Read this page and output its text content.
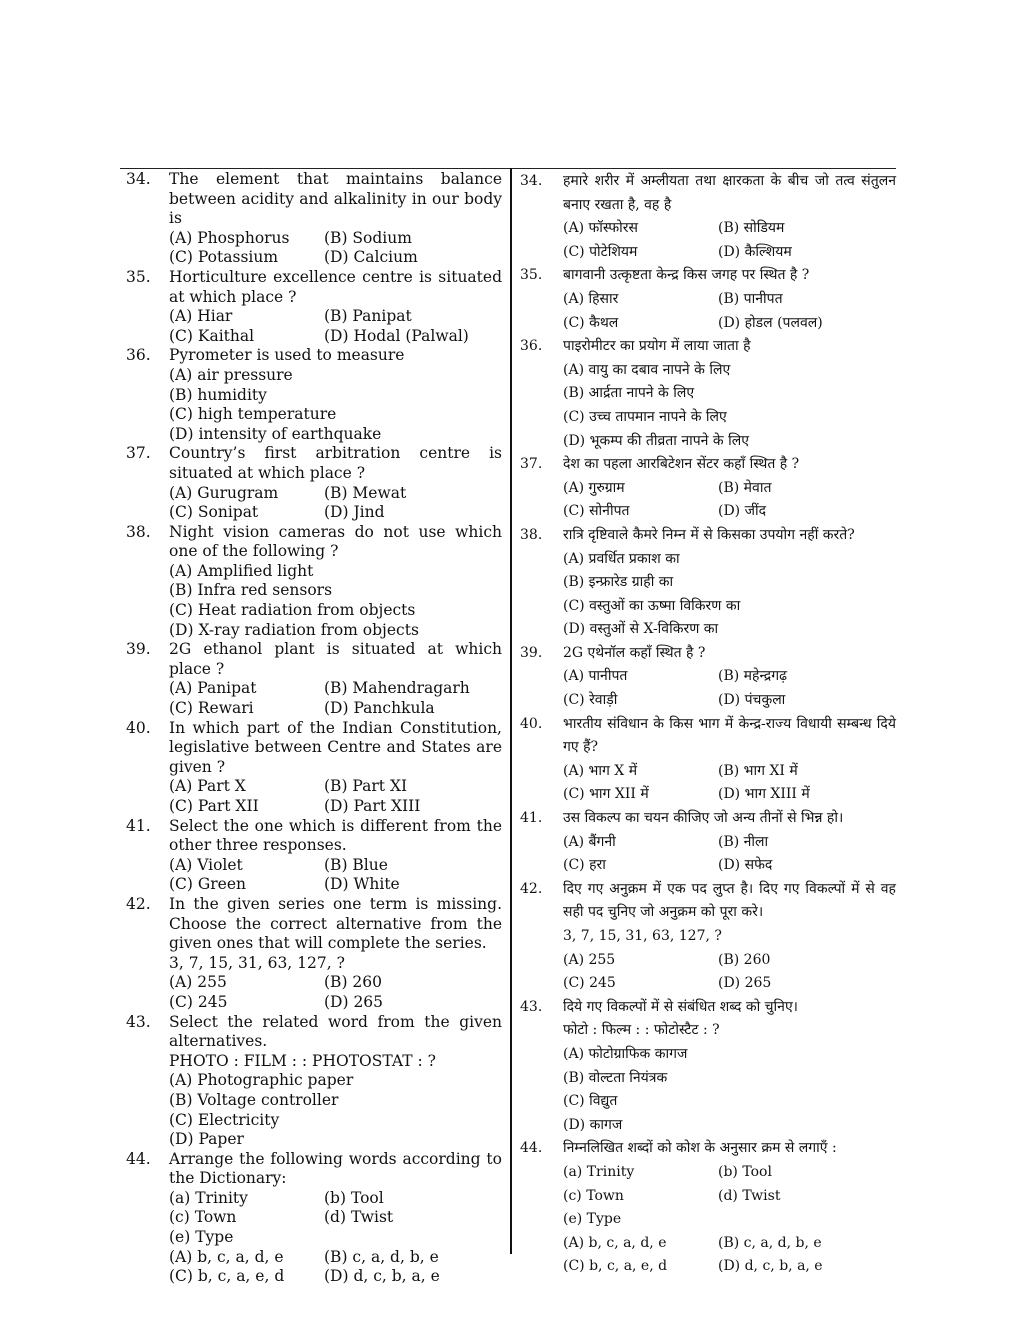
34.	The element that maintains balance between acidity and alkalinity in our body is
(A) Phosphorus	(B) Sodium
(C) Potassium	(D) Calcium
35.	Horticulture excellence centre is situated at which place ?
(A) Hiar	(B) Panipat
(C) Kaithal	(D) Hodal (Palwal)
36.	Pyrometer is used to measure
(A) air pressure
(B) humidity
(C) high temperature
(D) intensity of earthquake
37.	Country’s first arbitration centre is situated at which place ?
(A) Gurugram	(B) Mewat
(C) Sonipat	(D) Jind
38.	Night vision cameras do not use which one of the following ?
(A) Amplified light
(B) Infra red sensors
(C) Heat radiation from objects
(D) X-ray radiation from objects
39.	2G ethanol plant is situated at which place ?
(A) Panipat	(B) Mahendragarh
(C) Rewari	(D) Panchkula
40.	In which part of the Indian Constitution, legislative between Centre and States are given ?
(A) Part X	(B) Part XI
(C) Part XII	(D) Part XIII
41.	Select the one which is different from the other three responses.
(A) Violet	(B) Blue
(C) Green	(D) White
42.	In the given series one term is missing. Choose the correct alternative from the given ones that will complete the series.
3, 7, 15, 31, 63, 127, ?
(A) 255	(B) 260
(C) 245	(D) 265
43.	Select the related word from the given alternatives.
PHOTO : FILM : : PHOTOSTAT : ?
(A) Photographic paper
(B) Voltage controller
(C) Electricity
(D) Paper
44.	Arrange the following words according to the Dictionary:
(a) Trinity	(b) Tool
(c) Town	(d) Twist
(e) Type
(A) b, c, a, d, e	(B) c, a, d, b, e
(C) b, c, a, e, d	(D) d, c, b, a, e
34.	हमारे शरीर में अम्लीयता तथा क्षारकता के बीच जो तत्व संतुलन बनाए रखता है, वह है
(A) फॉस्फोरस	(B) सोडियम
(C) पोटेशियम	(D) कैल्शियम
35.	बागवानी उत्कृष्टता केन्द्र किस जगह पर स्थित है ?
(A) हिसार	(B) पानीपत
(C) कैथल	(D) होडल (पलवल)
36.	पाइरोमीटर का प्रयोग में लाया जाता है
(A) वायु का दबाव नापने के लिए
(B) आर्द्रता नापने के लिए
(C) उच्च तापमान नापने के लिए
(D) भूकम्प की तीव्रता नापने के लिए
37.	देश का पहला आरबिटेशन सेंटर कहाँ स्थित है ?
(A) गुरुग्राम	(B) मेवात
(C) सोनीपत	(D) जींद
38.	रात्रि दृष्टिवाले कैमरे निम्न में से किसका उपयोग नहीं करते?
(A) प्रवर्धित प्रकाश का
(B) इन्फ्रारेड ग्राही का
(C) वस्तुओं का ऊष्मा विकिरण का
(D) वस्तुओं से X-विकिरण का
39.	2G एथेनॉल कहाँ स्थित है ?
(A) पानीपत	(B) महेन्द्रगढ़
(C) रेवाड़ी	(D) पंचकुला
40.	भारतीय संविधान के किस भाग में केन्द्र-राज्य विधायी सम्बन्ध दिये गए हैं?
(A) भाग X में	(B) भाग XI में
(C) भाग XII में	(D) भाग XIII में
41.	उस विकल्प का चयन कीजिए जो अन्य तीनों से भिन्न हो।
(A) बैंगनी	(B) नीला
(C) हरा	(D) सफेद
42.	दिए गए अनुक्रम में एक पद लुप्त है। दिए गए विकल्पों में से वह सही पद चुनिए जो अनुक्रम को पूरा करे।
3, 7, 15, 31, 63, 127, ?
(A) 255	(B) 260
(C) 245	(D) 265
43.	दिये गए विकल्पों में से संबंधित शब्द को चुनिए।
फोटो : फिल्म : : फोटोस्टैट : ?
(A) फोटोग्राफिक कागज
(B) वोल्टता नियंत्रक
(C) विद्युत
(D) कागज
44.	निम्नलिखित शब्दों को कोश के अनुसार क्रम से लगाएँ :
(a) Trinity	(b) Tool
(c) Town	(d) Twist
(e) Type
(A) b, c, a, d, e	(B) c, a, d, b, e
(C) b, c, a, e, d	(D) d, c, b, a, e
